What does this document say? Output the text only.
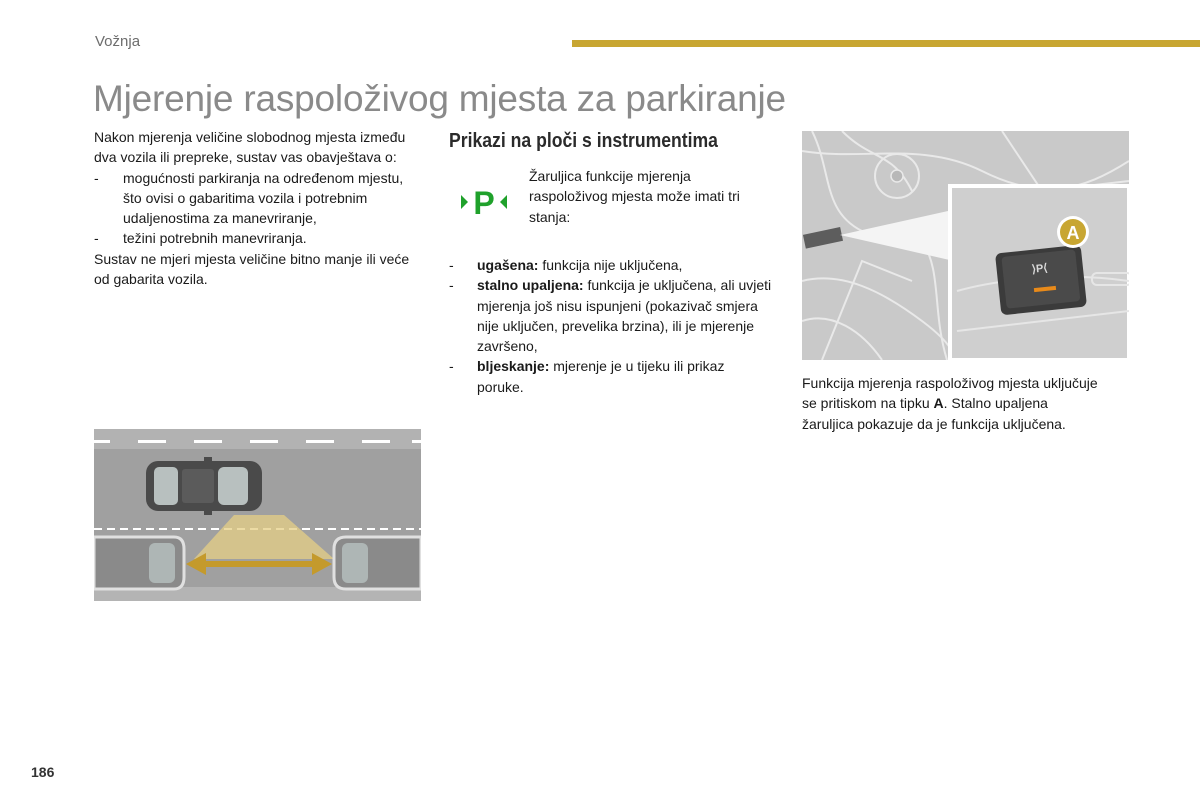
Vožnja
Mjerenje raspoloživog mjesta za parkiranje

Nakon mjerenja veličine slobodnog mjesta između dva vozila ili prepreke, sustav vas obavještava o:

- mogućnosti parkiranja na određenom mjestu, što ovisi o gabaritima vozila i potrebnim udaljenostima za manevriranje,
- težini potrebnih manevriranja.

Sustav ne mjeri mjesta veličine bitno manje ili veće od gabarita vozila.

Prikazi na ploči s instrumentima
P

Žaruljica funkcije mjerenja raspoloživog mjesta može imati tri stanja:

- ugašena: funkcija nije uključena,
- stalno upaljena: funkcija je uključena, ali uvjeti mjerenja još nisu ispunjeni (pokazivač smjera nije uključen, prevelika brzina), ili je mjerenje završeno,
- bljeskanje: mjerenje je u tijeku ili prikaz poruke.
⟩P⟨
A

Funkcija mjerenja raspoloživog mjesta uključuje se pritiskom na tipku A. Stalno upaljena žaruljica pokazuje da je funkcija uključena.

186
